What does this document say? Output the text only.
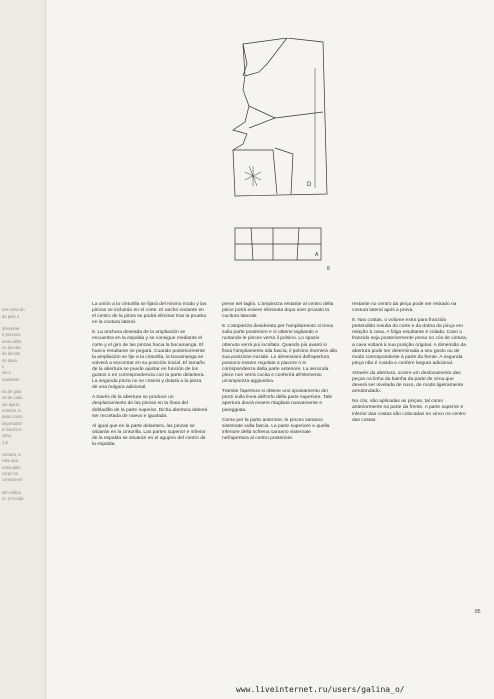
nes cima do
do pelo 4
desenhar
e prececo
umio aidm
on decote,
do decote
ns dava
e
nis e
mamento
ns de gola
es de cada
ulo apera
entento, a
paos como
importante
m banko e
cima.
1,5
comura, a
este que,
rema pelo
corpo so
conecta-se
nim indica
m. O tecido
D
A
8

La unión a la cinturilla se fijará del mismo modo y las pinzas se incluirán en el corte. El ancho restante en el centro de la pinza se podrá eliminar tras la prueba en la costura lateral.

8. La anchura deseada de la ampliación se encuentra en la espalda y se consigue mediante el corte y el giro de las pinzas hacia la bocamanga. El hueco resultante se pegará. Cuando posteriormente la ampliación se fije a la cinturilla, la bocamanga se volverá a encontrar en su posición inicial. El tamaño de la abertura se puede ajustar en función de los gustos o en correspondencia con la parte delantera. La segunda pinza no se coserá y dotará a la pieza de una holgura adicional.

A través de la abertura se produce un desplazamiento de las piezas en la línea del dobladillo de la parte superior. Dicha abertura deberá ser recortada de nuevo e igualada.

Al igual que en la parte delantera, las pinzas se sitúarán en la cinturilla. Las partes superior e inferior de la espalda se situarán en el agujero del centro de la espalda.

prese nel taglio. L'ampiezza restante al centro della pince potrà essere eliminata dopo aver provato la cucitura laterale.

8. L'ampiezza desiderata per l'ampliamento si trova sulla parte posteriore e si ottiene tagliando e ruotando le pinces verso il polsino. Lo spazio ottenuto verrà poi incollato. Quando più avanti si fissa l'ampliamento alla fascia, il polsino ritornerà alla sua posizione iniziale. Le dimensioni dell'apertura possono essere regolate a piacere o in corrispondenza della parte anteriore. La seconda pince non verrà cucita e conferirà all'elemento un'ampiezza aggiuntiva.

Tramite l'apertura si ottiene uno spostamento dei pezzi sulla linea dell'orlo della parte superiore. Tale apertura dovrà essere ritagliata nuovamente e pareggiata.

Come per la parte anteriore, le pinces saranno sistemate sulla fascia. La parte superiore e quella inferiore della schiena saranno sistemate nell'apertura al centro posteriore.

restante no centro da pinça pode ser retirado na costura lateral após a prova.

8. Nas costas, o volume extra para franzido pretendido resulta do corte e da dobra da pinça em relação à cava. A folga resultante é colada. Caso o franzido seja posteriormente preso no cós de cintura, a cava voltará à sua posição original. A dimensão da abertura pode ser determinada a seu gosto ou de modo correspondente à parte da frente. A segunda pinça não é cosida e confere largura adicional.

Através da abertura, ocorre um deslocamento das peças na linha da bainha da parte de cima que deverá ser nivelada de novo, de modo ligeiramente arredondado.

No cós, são aplicadas as pinças, tal como anteriormente na parte da frente. A parte superior e inferior das costas são colocadas no vinco no centro das costas.

85
www.liveinternet.ru/users/galina_o/
